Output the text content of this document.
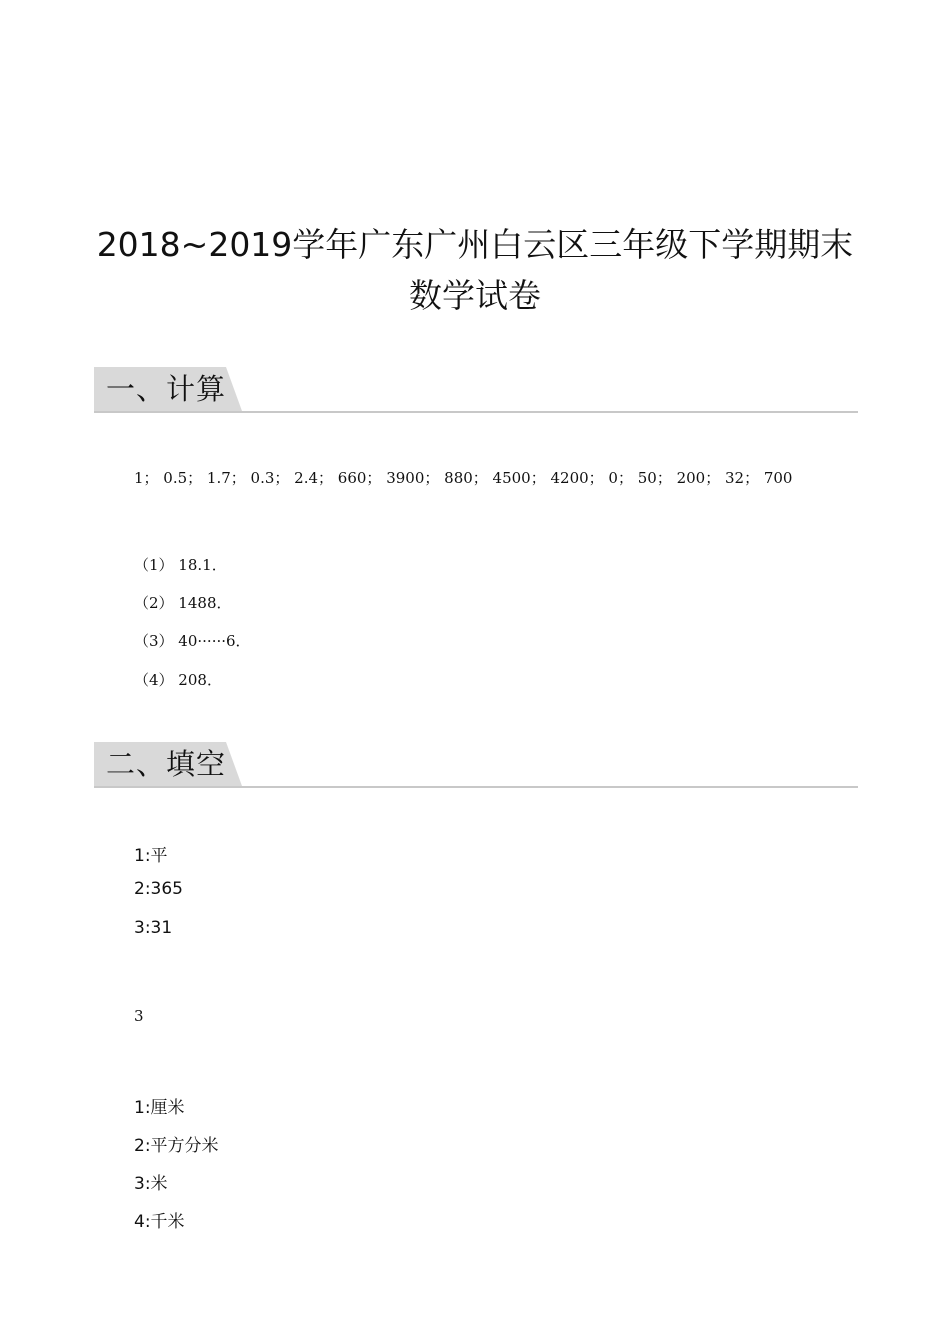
2018~2019学年广东广州白云区三年级下学期期末
数学试卷
一、计算
1； 0.5； 1.7； 0.3； 2.4； 660； 3900； 880； 4500； 4200； 0； 50； 200； 32； 700
（1） 18.1．
（2） 1488．
（3） 40······6．
（4） 208．
二、填空
1:平
2:365
3:31
3
1:厘米
2:平方分米
3:米
4:千米
